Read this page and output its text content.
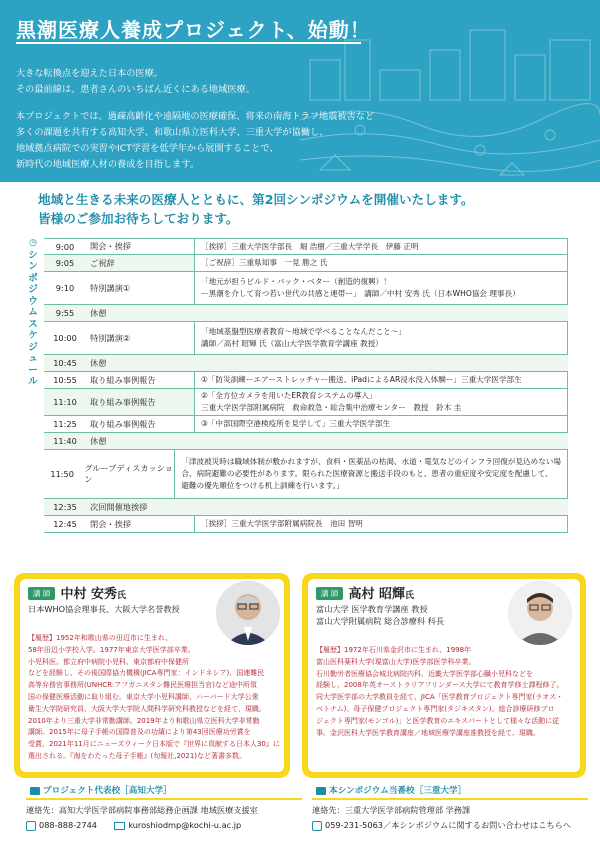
黒潮医療人養成プロジェクト、始動！

大きな転換点を迎えた日本の医療。

その最前線は、患者さんのいちばん近くにある地域医療。

本プロジェクトでは、過疎高齢化や遠隔地の医療確保、将来の南海トラフ地震被害など

多くの課題を共有する高知大学、和歌山県立医科大学、三重大学が協働し、

地域拠点病院での実習やICT学習を低学年から展開することで、

新時代の地域医療人材の養成を目指します。

地域と生きる未来の医療人とともに、第2回シンポジウムを開催いたします。
皆様のご参加お待ちしております。
◷
シ
ン
ポ
ジ
ウ
ム
ス
ケ
ジ
ュ
ー
ル
9:00	開会・挨拶	［挨拶］三重大学医学部長　堀 浩樹／三重大学学長　伊藤 正明
9:05	ご祝辞	［ご祝辞］三重県知事　一見 勝之 氏
9:10	特別講演①
「地元が担うビルド・バック・ベター（創造的復興）！
ー黒潮を介して育つ若い世代の共感と連帯ー」　講師／中村 安秀 氏（日本WHO協会 理事長）
9:55	休憩
10:00	特別講演②
「地域基盤型医療者教育〜地域で学べることなんだこと〜」
講師／高村 昭輝 氏（富山大学医学教育学講座 教授）
10:45	休憩
10:55	取り組み事例報告	①「防災訓練ーエアーストレッチャー搬送、iPadによるAR浸水没入体験ー」三重大学医学部生
11:10	取り組み事例報告
②「全方位カメラを用いたER教育システムの導入」
三重大学医学部附属病院　救命救急・総合集中治療センター　教授　鈴木 圭
11:25	取り組み事例報告	③「中部国際空港検疫所を見学して」三重大学医学部生
11:40	休憩
11:50
グループディスカッション
「津波被災時は職域体制が敷かれますが、食料・医薬品の枯渇、水道・電気などのインフラ回復が見込めない場
合、病院避難の必要性があります。限られた医療資源と搬送手段のもと、患者の重症度や安定度を配慮して、
避難の優先順位をつける机上訓練を行います。」
12:35	次回開催地挨拶
12:45	閉会・挨拶	［挨拶］三重大学医学部附属病院長　池田 智明
講 師 中村 安秀氏
日本WHO協会理事長、大阪大学名誉教授
【履歴】1952年和歌山県の田辺市に生まれ、
58年田辺小学校入学。1977年東京大学医学部卒業。
小児科医。都立府中病院小児科、東京都府中保健所
などを経験し、その後国際協力機構(JICA専門家：インドネシア)、国連難民
高等弁務官事務所(UNHCR:アフガニスタン難民医療担当官)など途中所領
国の保健医療活動に取り組む。東京大学小児科講師、ハーバード大学公衆
衛生大学院研究員、大阪大学大学院人間科学研究科教授などを経て、現職。
2010年より三重大学非常勤講師。2019年より和歌山県立医科大学非常勤
講師。2015年に母子手帳の国際普及の功績により第43回医療功労賞を
受賞。2021年11月にニューズウィーク日本版で『世界に貢献する日本人30』に
選出される。『海をわたった母子手帳』(旬報社,2021)など著書多数。
講 師 高村 昭輝氏
富山大学 医学教育学講座 教授
富山大学附属病院 総合診療科 科長
【履歴】1972年石川県金沢市に生まれ、1998年
富山医科薬科大学(現富山大学)医学部医学科卒業。
石川勤労者医療協会城北病院内科、近畿大学医学部心臓小児科などを
経験し、2008年英オーストラリアフリンダース大学にて教育学修士課程修了。
同大学医学部の大学教員を経て、JICA「医学教育プロジェクト専門家(ラオス・
ベトナム)、母子保健プロジェクト専門家(タジキスタン)、総合診療研修プロ
ジェクト専門家(モンゴル)」と医学教育のエキスパートとして様々な活動に従
事。金沢医科大学医学教育講座／地域医療学講座准教授を経て、現職。
プロジェクト代表校［高知大学］
連絡先：高知大学医学部病院事務部総務企画課 地域医療支援室
088-888-2744	kuroshiodmp@kochi-u.ac.jp
本シンポジウム当番校［三重大学］
連絡先：三重大学医学部病院管理部 学務課
059-231-5063／本シンポジウムに関するお問い合わせはこちらへ
